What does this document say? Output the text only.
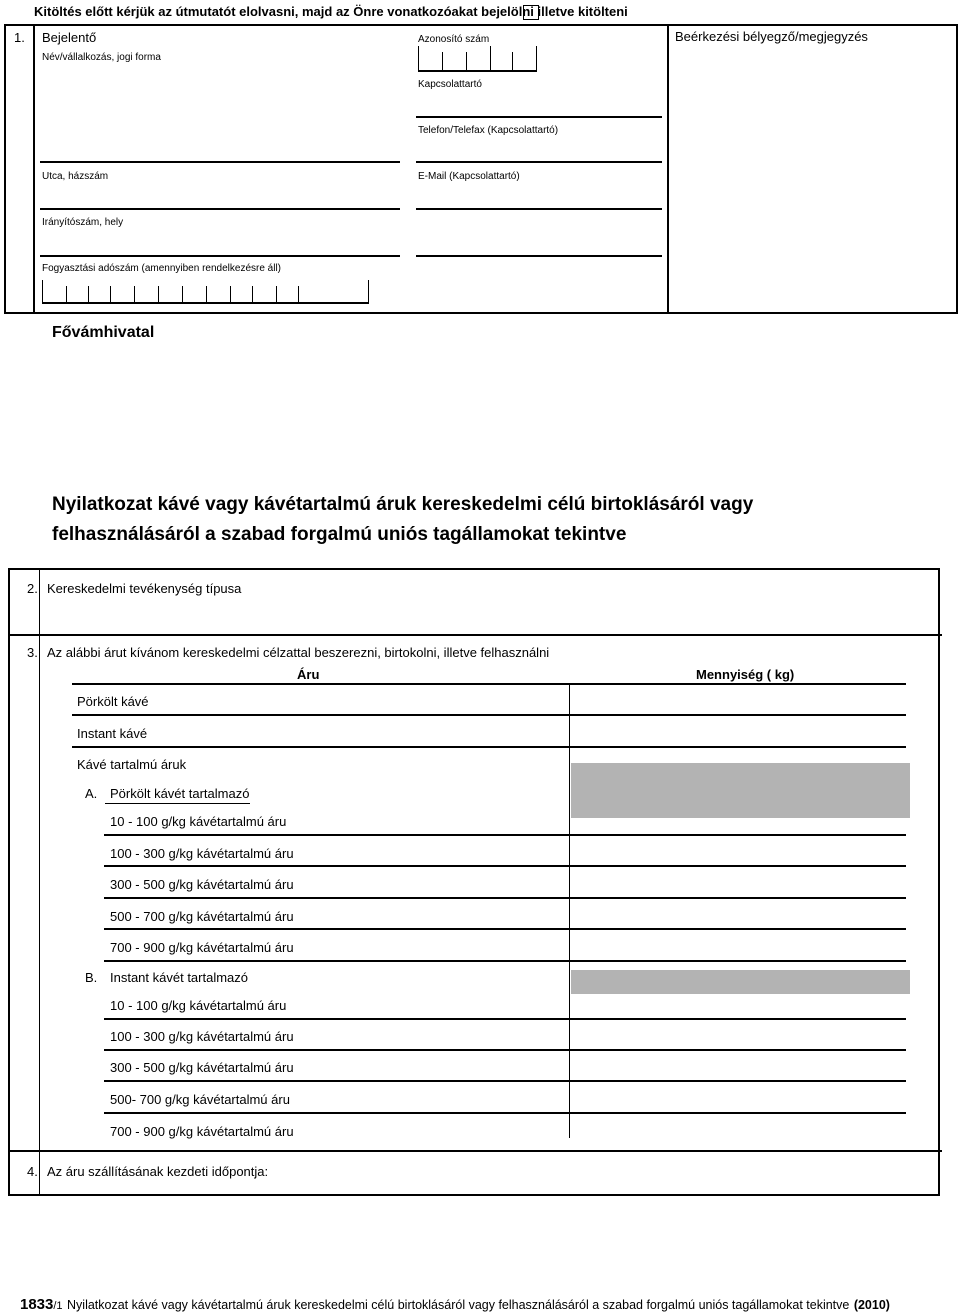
Kitöltés előtt kérjük az útmutatót elolvasni, majd az Önre vonatkozóakat bejelölni illetve kitölteni
1. Bejelentő
Név/vállalkozás, jogi forma
Utca, házszám
Irányítószám, hely
Fogyasztási adószám (amennyiben rendelkezésre áll)
Azonosító szám
Kapcsolattartó
Telefon/Telefax (Kapcsolattartó)
E-Mail (Kapcsolattartó)
Beérkezési bélyegző/megjegyzés
Fővámhivatal
Nyilatkozat kávé vagy kávétartalmú áruk kereskedelmi célú birtoklásáról vagy
felhasználásáról a szabad forgalmú uniós tagállamokat tekintve
2. Kereskedelmi tevékenység típusa
3. Az alábbi árut kívánom kereskedelmi célzattal beszerezni, birtokolni, illetve felhasználni
Áru	Mennyiség ( kg)
Pörkölt kávé
Instant kávé
Kávé tartalmú áruk
A. Pörkölt kávét tartalmazó
10 - 100 g/kg kávétartalmú áru
100 - 300 g/kg kávétartalmú áru
300 - 500 g/kg kávétartalmú áru
500 - 700 g/kg kávétartalmú áru
700 - 900 g/kg kávétartalmú áru
B. Instant kávét tartalmazó
10 - 100 g/kg kávétartalmú áru
100 - 300 g/kg kávétartalmú áru
300 - 500 g/kg kávétartalmú áru
500- 700 g/kg kávétartalmú áru
700 - 900 g/kg kávétartalmú áru
-
4. Az áru szállításának kezdeti időpontja:
1833/1 Nyilatkozat kávé vagy kávétartalmú áruk kereskedelmi célú birtoklásáról vagy felhasználásáról a szabad forgalmú uniós tagállamokat tekintve (2010)
